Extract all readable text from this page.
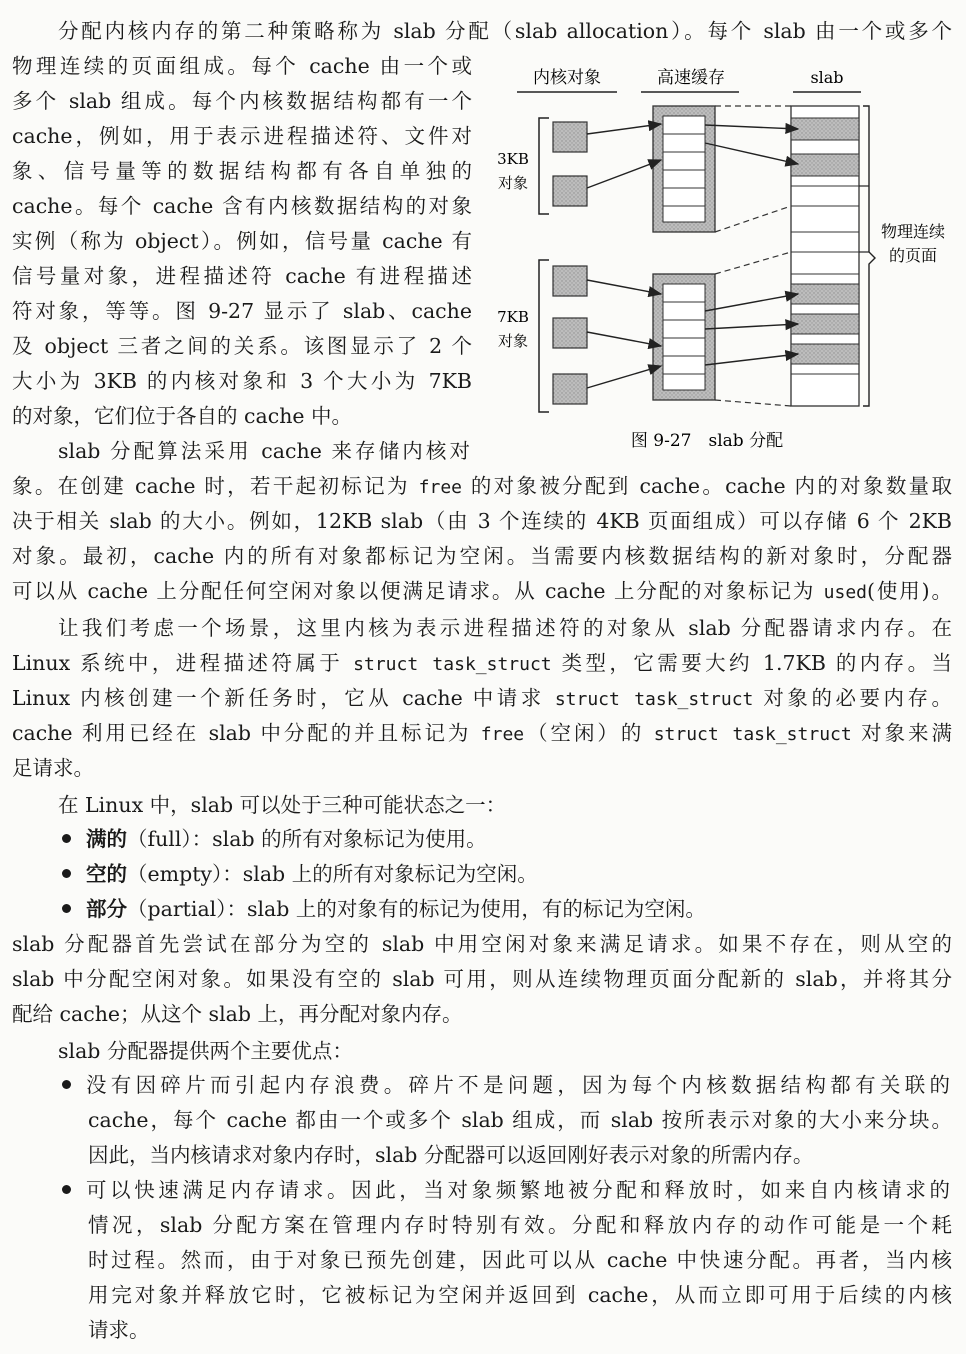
分配内核内存的第二种策略称为 slab 分配（slab allocation）。每个 slab 由一个或多个
物理连续的页面组成。每个 cache 由一个或
多个 slab 组成。每个内核数据结构都有一个
cache，例如，用于表示进程描述符、文件对
象、信号量等的数据结构都有各自单独的
cache。每个 cache 含有内核数据结构的对象
实例（称为 object）。例如，信号量 cache 有
信号量对象，进程描述符 cache 有进程描述
符对象，等等。图 9-27 显示了 slab、cache
及 object 三者之间的关系。该图显示了 2 个
大小为 3KB 的内核对象和 3 个大小为 7KB
的对象，它们位于各自的 cache 中。
内核对象	高速缓存	slab
3KB
对象
7KB
对象
物理连续
的页面
图 9-27　slab 分配
slab 分配算法采用 cache 来存储内核对
象。在创建 cache 时，若干起初标记为 free 的对象被分配到 cache。cache 内的对象数量取
决于相关 slab 的大小。例如，12KB slab（由 3 个连续的 4KB 页面组成）可以存储 6 个 2KB
对象。最初，cache 内的所有对象都标记为空闲。当需要内核数据结构的新对象时，分配器
可以从 cache 上分配任何空闲对象以便满足请求。从 cache 上分配的对象标记为 used(使用)。
让我们考虑一个场景，这里内核为表示进程描述符的对象从 slab 分配器请求内存。在
Linux 系统中，进程描述符属于 struct task_struct 类型，它需要大约 1.7KB 的内存。当
Linux 内核创建一个新任务时，它从 cache 中请求 struct task_struct 对象的必要内存。
cache 利用已经在 slab 中分配的并且标记为 free（空闲）的 struct task_struct 对象来满
足请求。
在 Linux 中，slab 可以处于三种可能状态之一：
满的（full）：slab 的所有对象标记为使用。
空的（empty）：slab 上的所有对象标记为空闲。
部分（partial）：slab 上的对象有的标记为使用，有的标记为空闲。
slab 分配器首先尝试在部分为空的 slab 中用空闲对象来满足请求。如果不存在，则从空的
slab 中分配空闲对象。如果没有空的 slab 可用，则从连续物理页面分配新的 slab，并将其分
配给 cache；从这个 slab 上，再分配对象内存。
slab 分配器提供两个主要优点：
没有因碎片而引起内存浪费。碎片不是问题，因为每个内核数据结构都有关联的
cache，每个 cache 都由一个或多个 slab 组成，而 slab 按所表示对象的大小来分块。
因此，当内核请求对象内存时，slab 分配器可以返回刚好表示对象的所需内存。
可以快速满足内存请求。因此，当对象频繁地被分配和释放时，如来自内核请求的
情况，slab 分配方案在管理内存时特别有效。分配和释放内存的动作可能是一个耗
时过程。然而，由于对象已预先创建，因此可以从 cache 中快速分配。再者，当内核
用完对象并释放它时，它被标记为空闲并返回到 cache，从而立即可用于后续的内核
请求。
